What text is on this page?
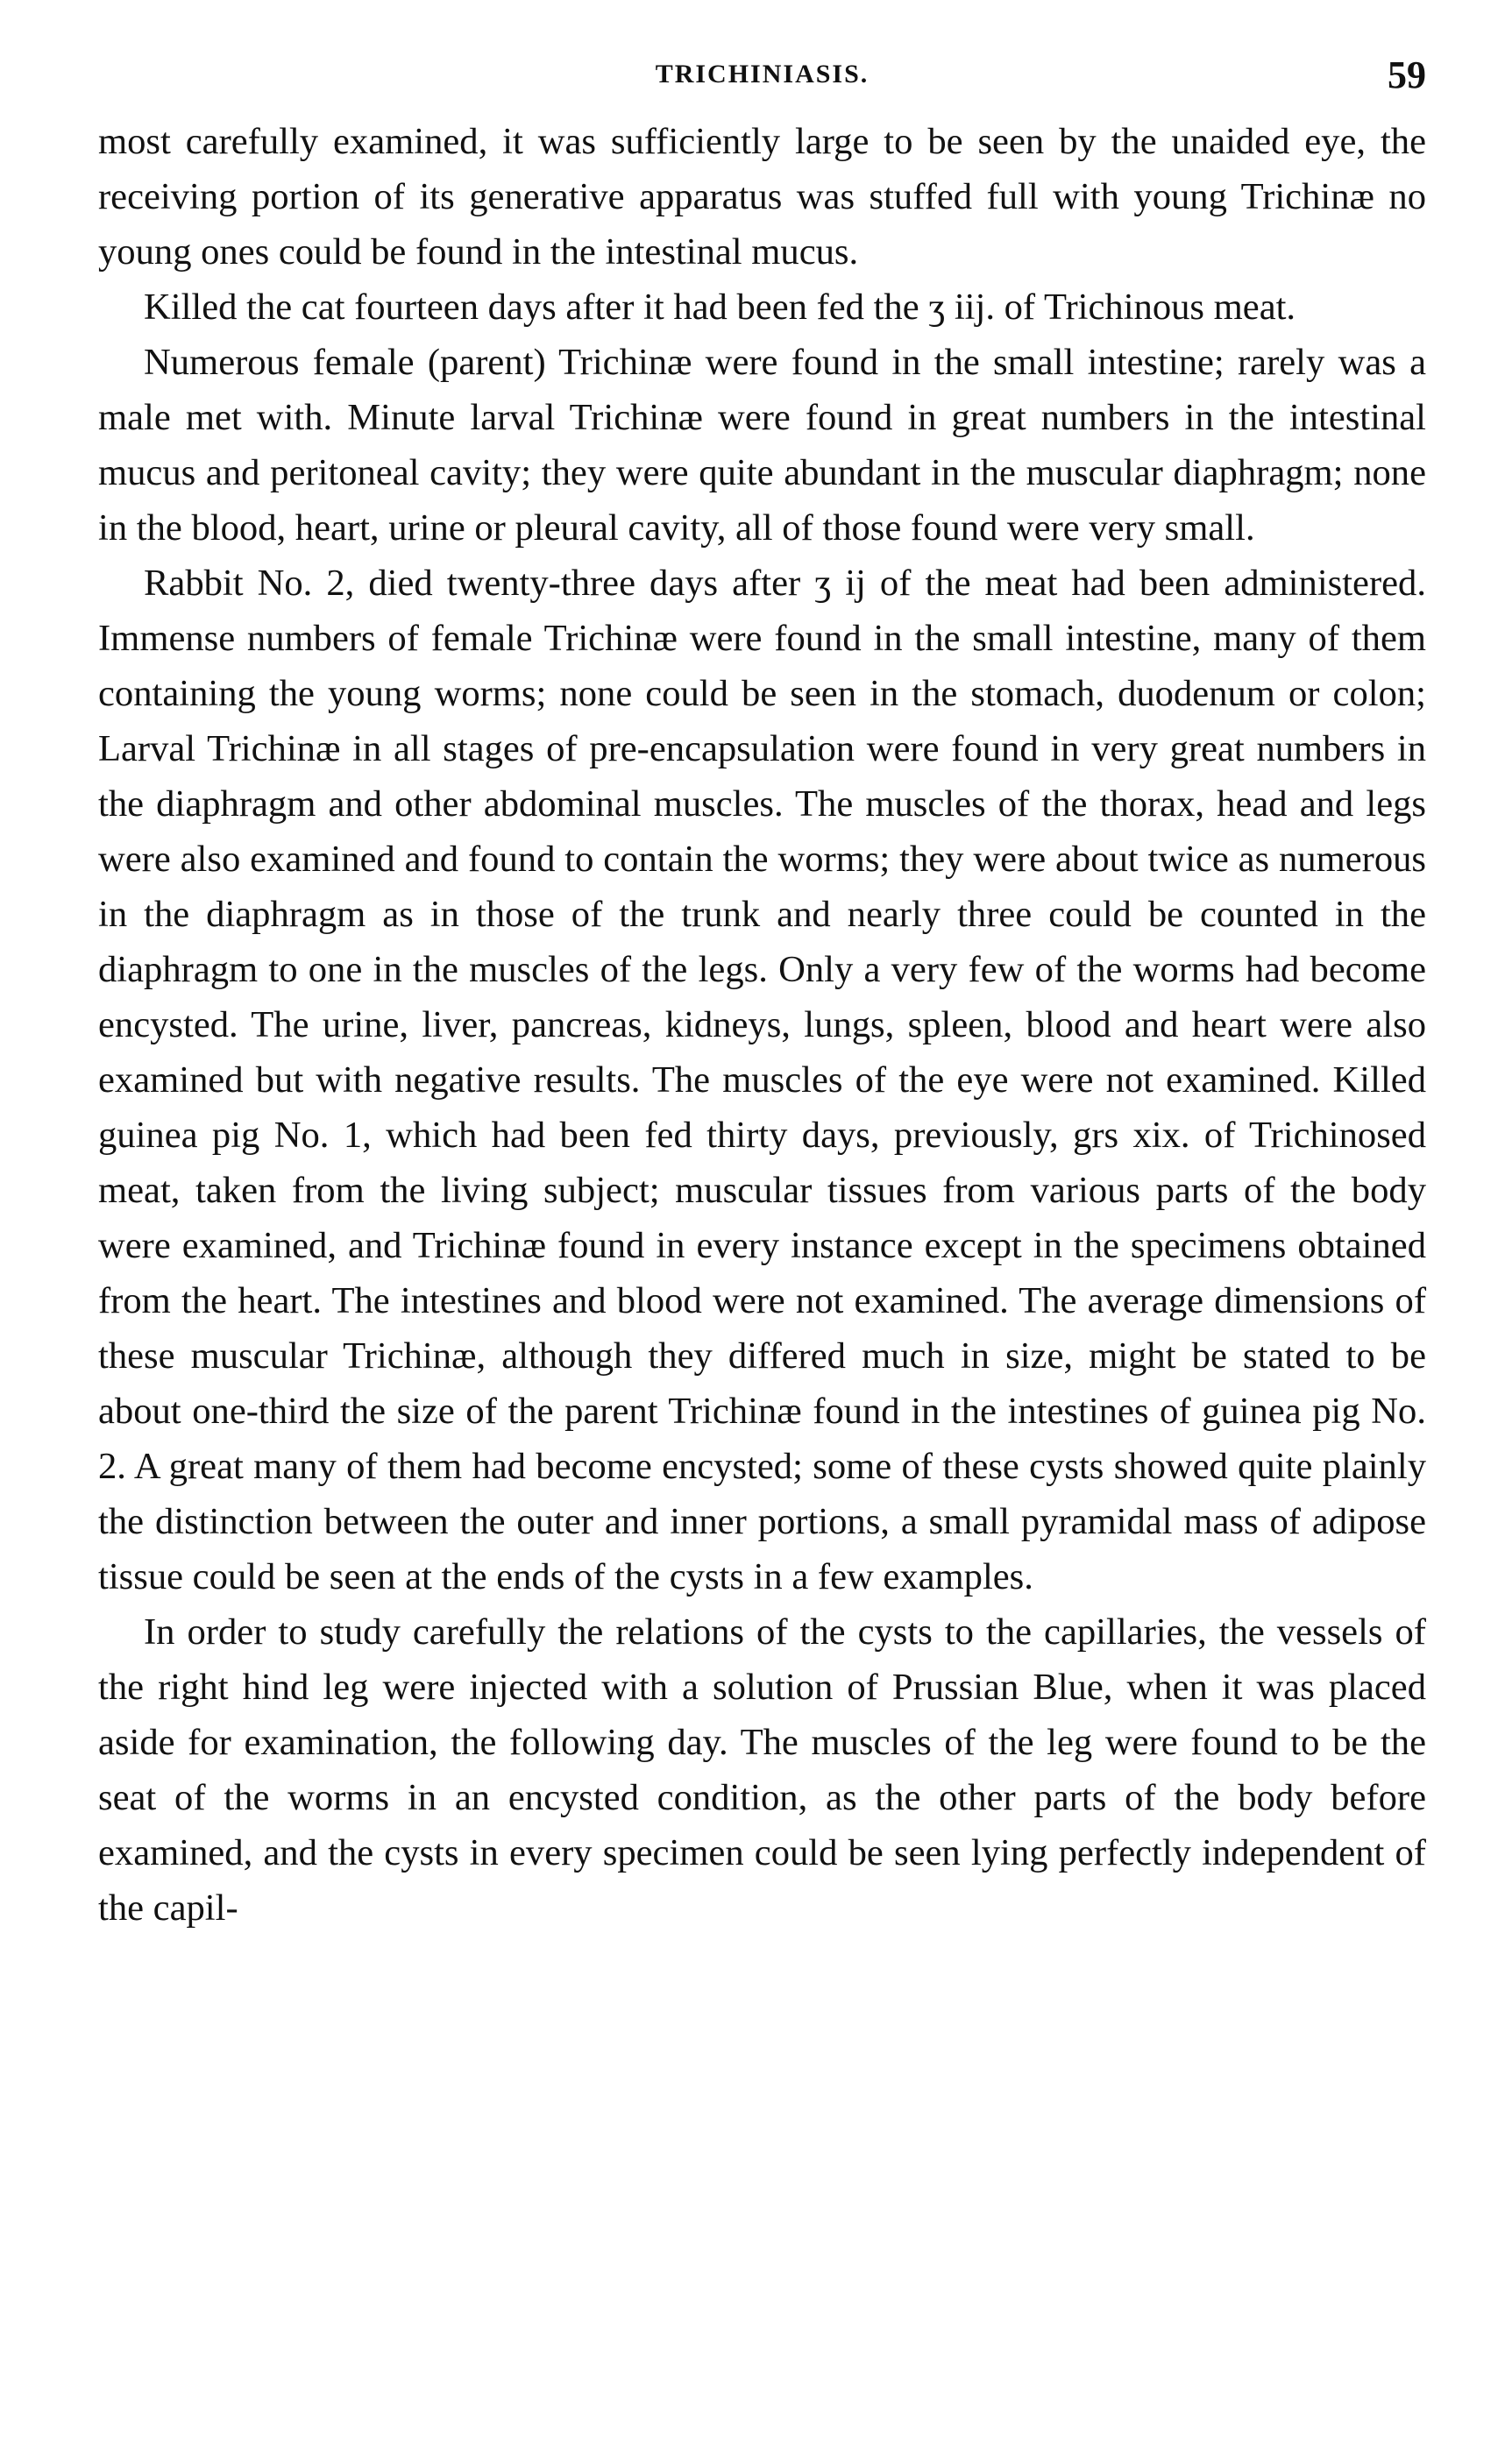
TRICHINIASIS.	59

most carefully examined, it was sufficiently large to be seen by the unaided eye, the receiving portion of its generative apparatus was stuffed full with young Trichinæ no young ones could be found in the intestinal mucus.

Killed the cat fourteen days after it had been fed the ʒ iij. of Trichinous meat.

Numerous female (parent) Trichinæ were found in the small intestine; rarely was a male met with. Minute larval Trichinæ were found in great numbers in the intestinal mucus and peritoneal cavity; they were quite abundant in the muscular diaphragm; none in the blood, heart, urine or pleural cavity, all of those found were very small.

Rabbit No. 2, died twenty-three days after ʒ ij of the meat had been administered. Immense numbers of female Trichinæ were found in the small intestine, many of them containing the young worms; none could be seen in the stomach, duodenum or colon; Larval Trichinæ in all stages of pre-encapsulation were found in very great numbers in the diaphragm and other abdominal muscles. The muscles of the thorax, head and legs were also examined and found to contain the worms; they were about twice as numerous in the diaphragm as in those of the trunk and nearly three could be counted in the diaphragm to one in the muscles of the legs. Only a very few of the worms had become encysted. The urine, liver, pancreas, kidneys, lungs, spleen, blood and heart were also examined but with negative results. The muscles of the eye were not examined. Killed guinea pig No. 1, which had been fed thirty days, previously, grs xix. of Trichinosed meat, taken from the living subject; muscular tissues from various parts of the body were examined, and Trichinæ found in every instance except in the specimens obtained from the heart. The intestines and blood were not examined. The average dimensions of these muscular Trichinæ, although they differed much in size, might be stated to be about one-third the size of the parent Trichinæ found in the intestines of guinea pig No. 2. A great many of them had become encysted; some of these cysts showed quite plainly the distinction between the outer and inner portions, a small pyramidal mass of adipose tissue could be seen at the ends of the cysts in a few examples.

In order to study carefully the relations of the cysts to the capillaries, the vessels of the right hind leg were injected with a solution of Prussian Blue, when it was placed aside for examination, the following day. The muscles of the leg were found to be the seat of the worms in an encysted condition, as the other parts of the body before examined, and the cysts in every specimen could be seen lying perfectly independent of the capil-
